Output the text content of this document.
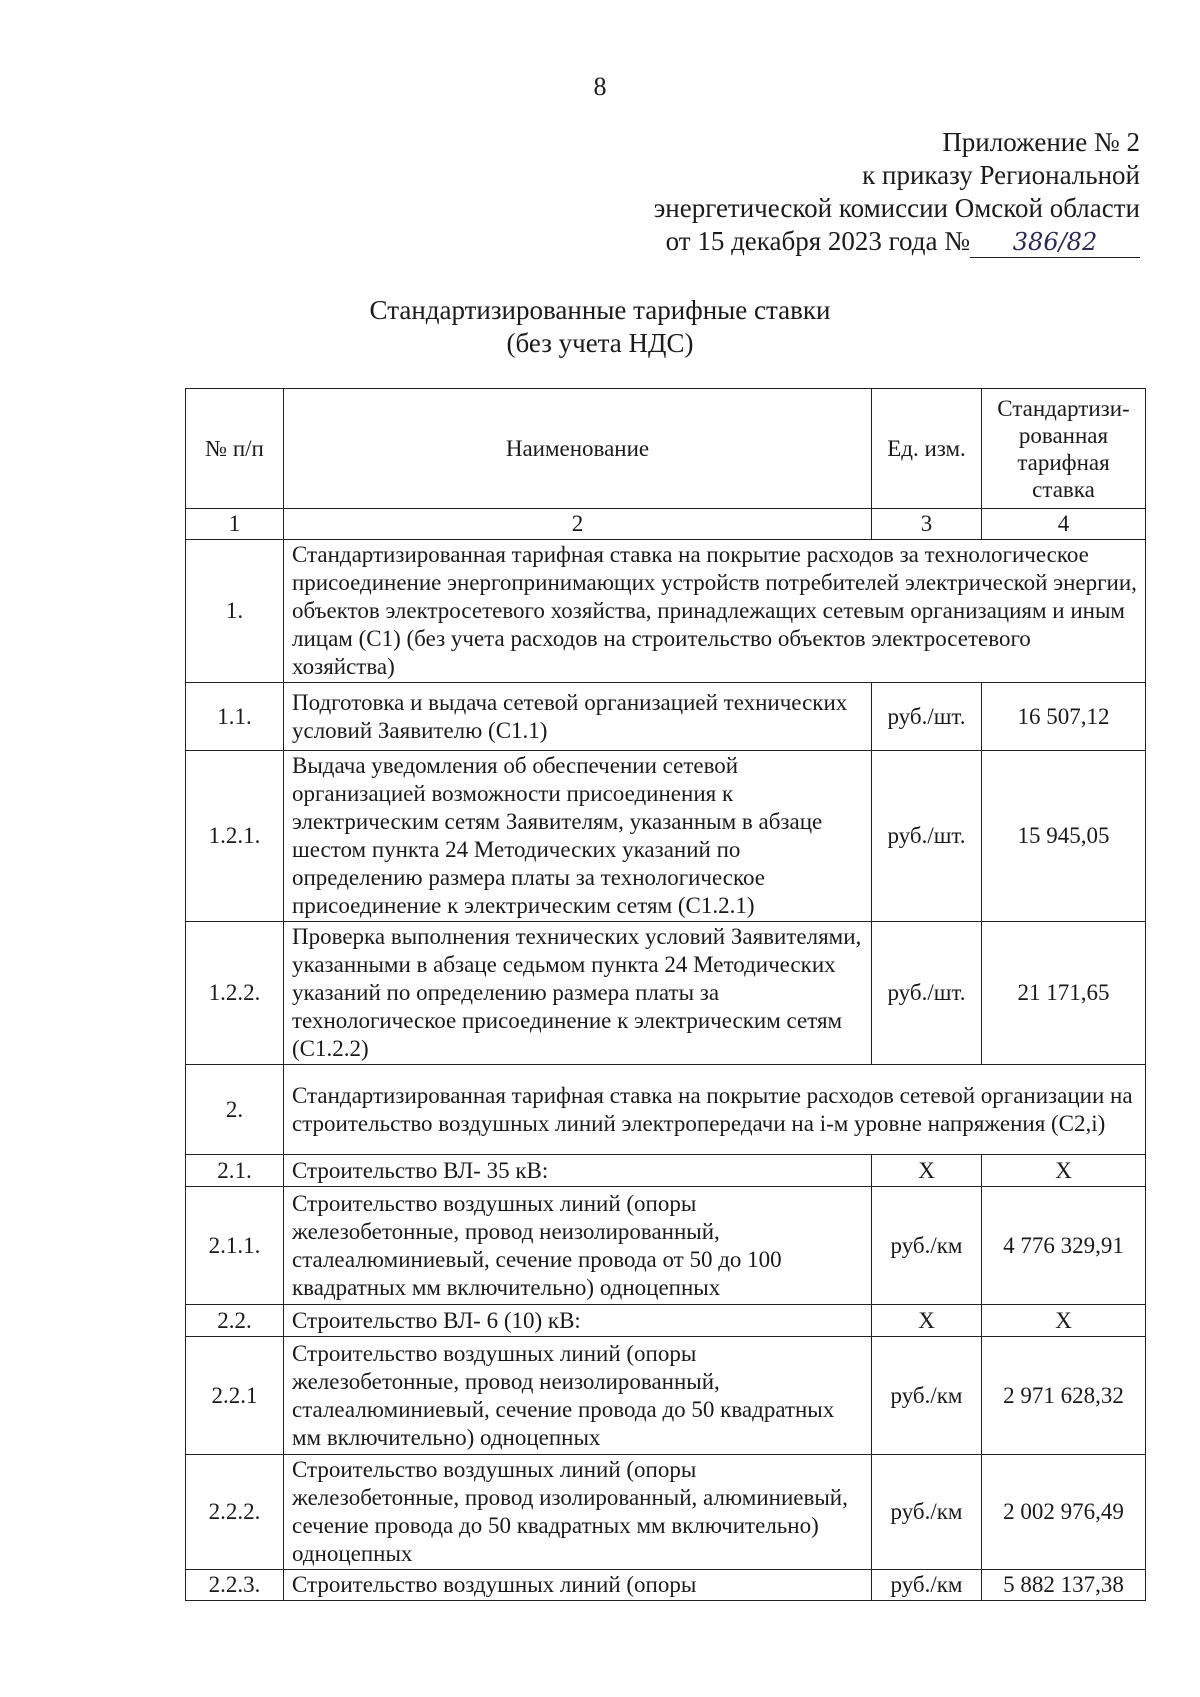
8
Приложение № 2
к приказу Региональной
энергетической комиссии Омской области
от 15 декабря 2023 года № 386/82
Стандартизированные тарифные ставки
(без учета НДС)
№ п/п	Наименование	Ед. изм.	Стандартизи-рованная тарифная ставка
1	2	3	4
1.	Стандартизированная тарифная ставка на покрытие расходов за технологическое присоединение энергопринимающих устройств потребителей электрической энергии, объектов электросетевого хозяйства, принадлежащих сетевым организациям и иным лицам (С1) (без учета расходов на строительство объектов электросетевого хозяйства)		
1.1.	Подготовка и выдача сетевой организацией технических условий Заявителю (С1.1)	руб./шт.	16 507,12
1.2.1.	Выдача уведомления об обеспечении сетевой организацией возможности присоединения к электрическим сетям Заявителям, указанным в абзаце шестом пункта 24 Методических указаний по определению размера платы за технологическое присоединение к электрическим сетям (С1.2.1)	руб./шт.	15 945,05
1.2.2.	Проверка выполнения технических условий Заявителями, указанными в абзаце седьмом пункта 24 Методических указаний по определению размера платы за технологическое присоединение к электрическим сетям (С1.2.2)	руб./шт.	21 171,65
2.	Стандартизированная тарифная ставка на покрытие расходов сетевой организации на строительство воздушных линий электропередачи на i-м уровне напряжения (С2,i)		
2.1.	Строительство ВЛ- 35 кВ:	Х	Х
2.1.1.	Строительство воздушных линий (опоры железобетонные, провод неизолированный, сталеалюминиевый, сечение провода от 50 до 100 квадратных мм включительно) одноцепных	руб./км	4 776 329,91
2.2.	Строительство ВЛ- 6 (10) кВ:	Х	Х
2.2.1	Строительство воздушных линий (опоры железобетонные, провод неизолированный, сталеалюминиевый, сечение провода до 50 квадратных мм включительно) одноцепных	руб./км	2 971 628,32
2.2.2.	Строительство воздушных линий (опоры железобетонные, провод изолированный, алюминиевый, сечение провода до 50 квадратных мм включительно) одноцепных	руб./км	2 002 976,49
2.2.3.	Строительство воздушных линий (опоры	руб./км	5 882 137,38
